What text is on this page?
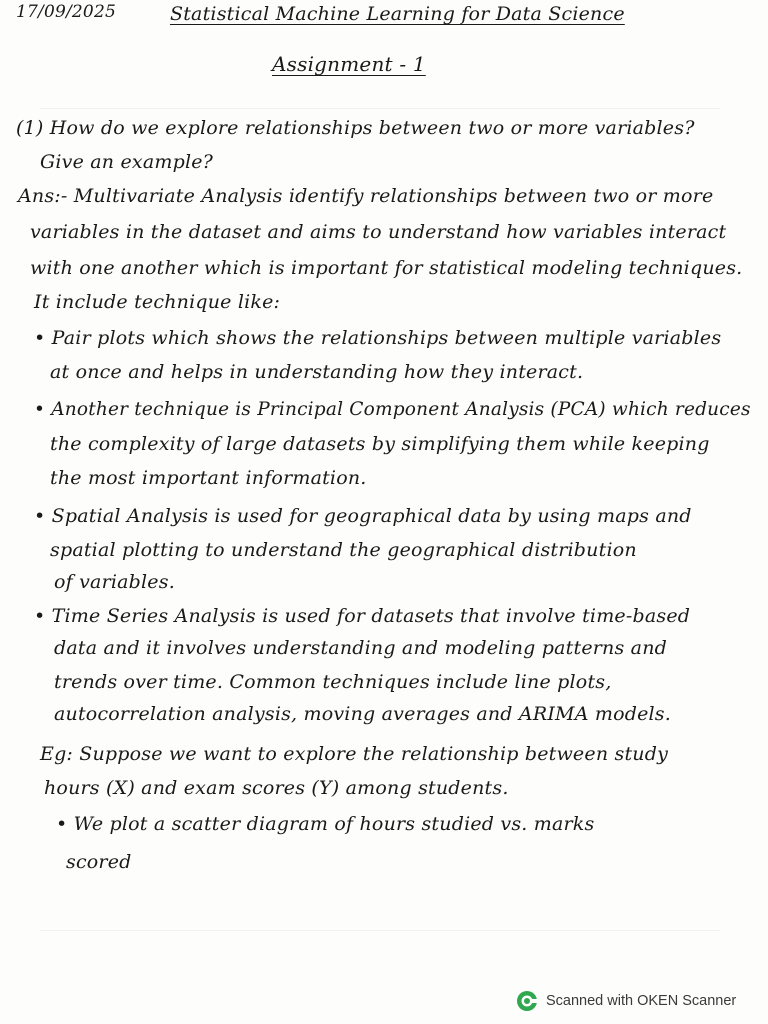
17/09/2025	Statistical Machine Learning for Data Science
Assignment - 1
(1) How do we explore relationships between two or more variables?
Give an example?
Ans:- Multivariate Analysis identify relationships between two or more
variables in the dataset and aims to understand how variables interact
with one another which is important for statistical modeling techniques.
It include technique like:
• Pair plots which shows the relationships between multiple variables
at once and helps in understanding how they interact.
• Another technique is Principal Component Analysis (PCA) which reduces
the complexity of large datasets by simplifying them while keeping
the most important information.
• Spatial Analysis is used for geographical data by using maps and
spatial plotting to understand the geographical distribution
of variables.
• Time Series Analysis is used for datasets that involve time-based
data and it involves understanding and modeling patterns and
trends over time. Common techniques include line plots,
autocorrelation analysis, moving averages and ARIMA models.
Eg: Suppose we want to explore the relationship between study
hours (X) and exam scores (Y) among students.
• We plot a scatter diagram of hours studied vs. marks
scored
Scanned with OKEN Scanner
